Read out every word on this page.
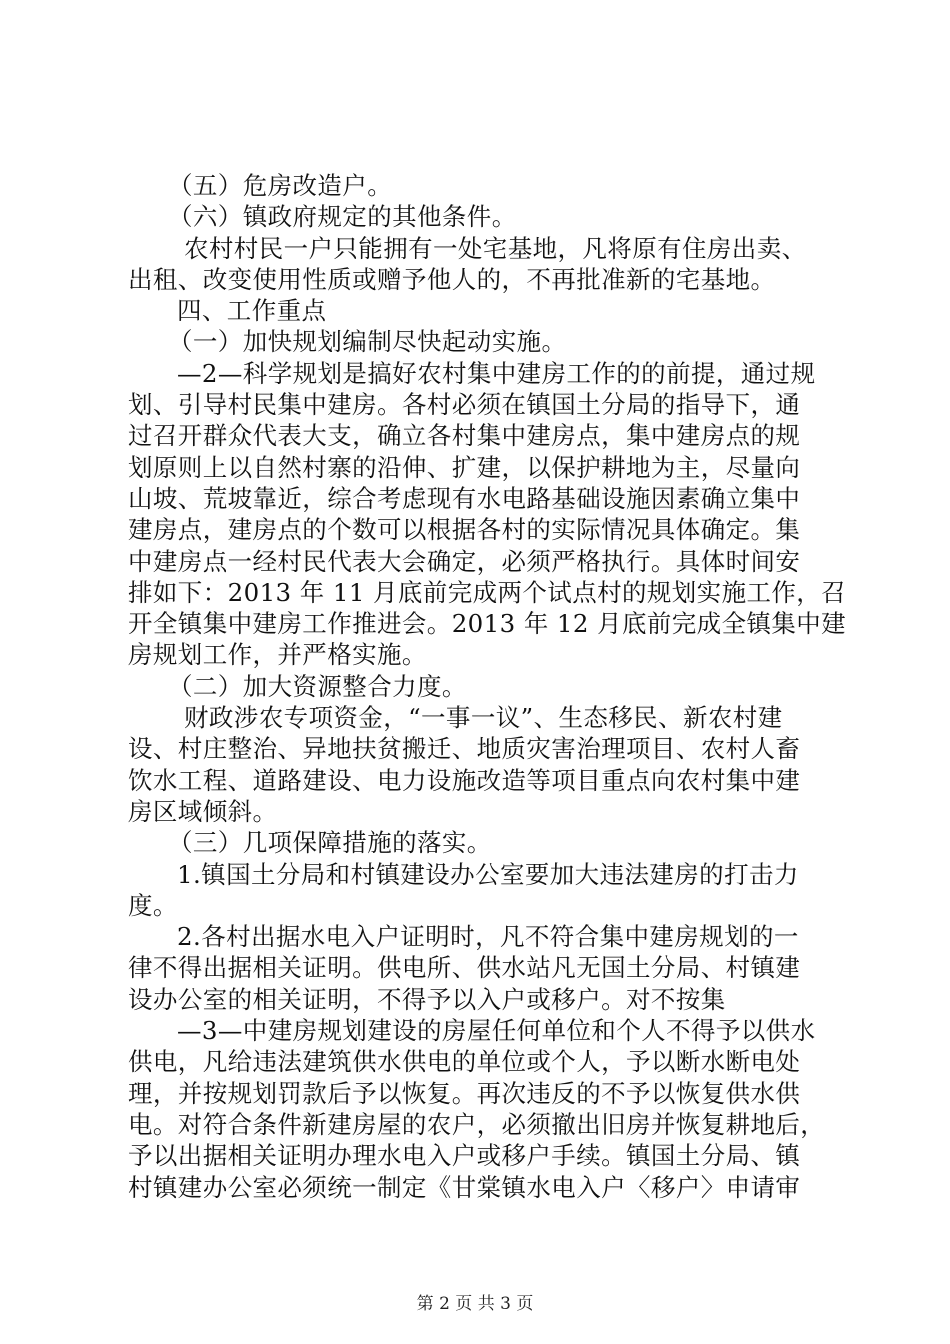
（五）危房改造户。
（六）镇政府规定的其他条件。
农村村民一户只能拥有一处宅基地，凡将原有住房出卖、
出租、改变使用性质或赠予他人的，不再批准新的宅基地。
四、工作重点
（一）加快规划编制尽快起动实施。
—2—科学规划是搞好农村集中建房工作的的前提，通过规
划、引导村民集中建房。各村必须在镇国土分局的指导下，通
过召开群众代表大支，确立各村集中建房点，集中建房点的规
划原则上以自然村寨的沿伸、扩建，以保护耕地为主，尽量向
山坡、荒坡靠近，综合考虑现有水电路基础设施因素确立集中
建房点，建房点的个数可以根据各村的实际情况具体确定。集
中建房点一经村民代表大会确定，必须严格执行。具体时间安
排如下：2013 年 11 月底前完成两个试点村的规划实施工作，召
开全镇集中建房工作推进会。2013 年 12 月底前完成全镇集中建
房规划工作，并严格实施。
（二）加大资源整合力度。
财政涉农专项资金，“一事一议”、生态移民、新农村建
设、村庄整治、异地扶贫搬迁、地质灾害治理项目、农村人畜
饮水工程、道路建设、电力设施改造等项目重点向农村集中建
房区域倾斜。
（三）几项保障措施的落实。
1.镇国土分局和村镇建设办公室要加大违法建房的打击力
度。
2.各村出据水电入户证明时，凡不符合集中建房规划的一
律不得出据相关证明。供电所、供水站凡无国土分局、村镇建
设办公室的相关证明，不得予以入户或移户。对不按集
—3—中建房规划建设的房屋任何单位和个人不得予以供水
供电，凡给违法建筑供水供电的单位或个人，予以断水断电处
理，并按规划罚款后予以恢复。再次违反的不予以恢复供水供
电。对符合条件新建房屋的农户，必须撤出旧房并恢复耕地后，
予以出据相关证明办理水电入户或移户手续。镇国土分局、镇
村镇建办公室必须统一制定《甘棠镇水电入户〈移户〉申请审
第 2 页 共 3 页
